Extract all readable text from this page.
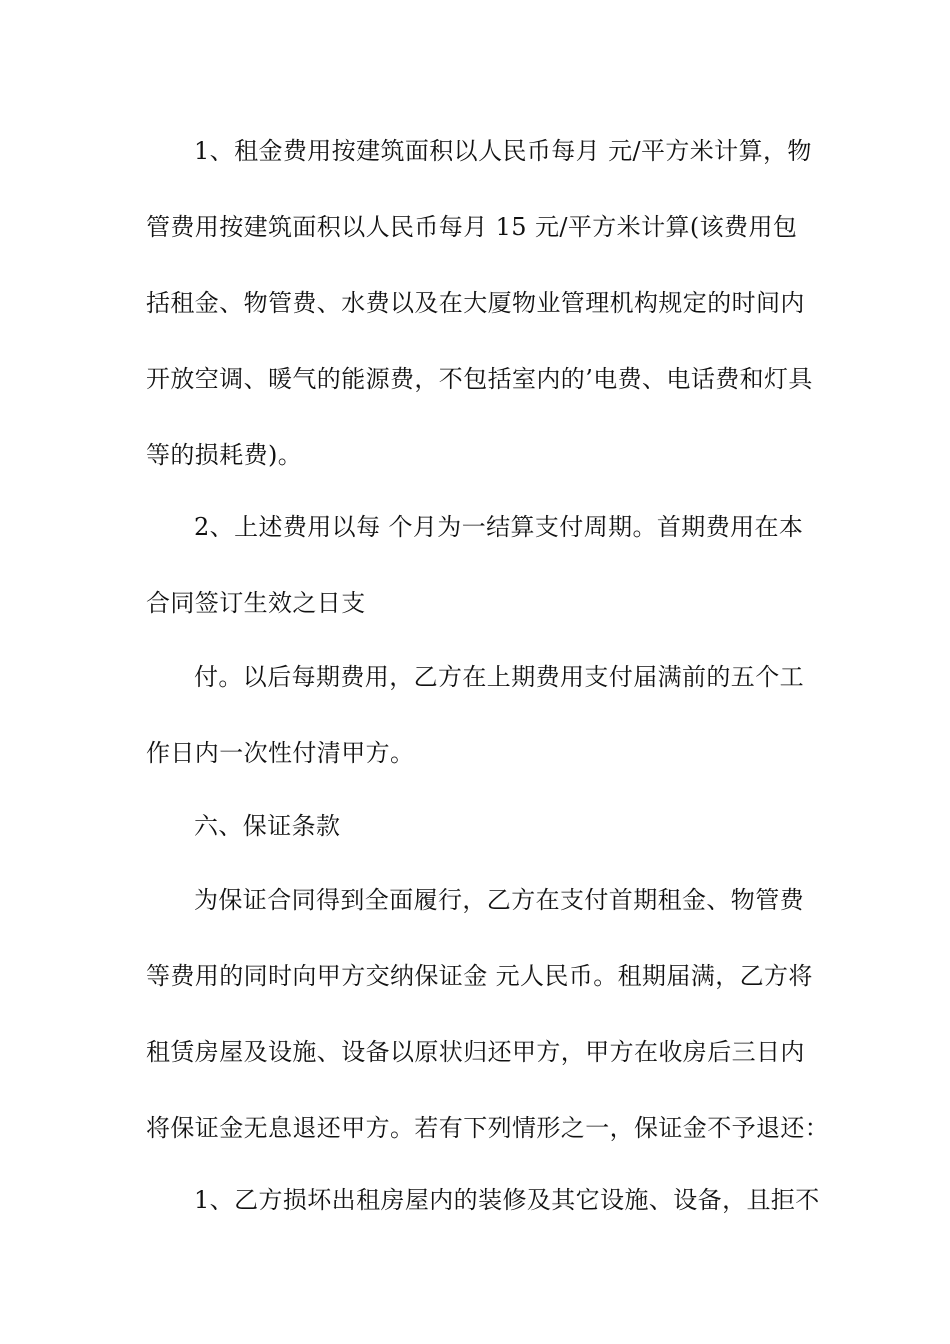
1、租金费用按建筑面积以人民币每月 元/平方米计算，物
管费用按建筑面积以人民币每月 15 元/平方米计算(该费用包
括租金、物管费、水费以及在大厦物业管理机构规定的时间内
开放空调、暖气的能源费，不包括室内的’电费、电话费和灯具
等的损耗费)。
2、上述费用以每 个月为一结算支付周期。首期费用在本
合同签订生效之日支
付。以后每期费用，乙方在上期费用支付届满前的五个工
作日内一次性付清甲方。
六、保证条款
为保证合同得到全面履行，乙方在支付首期租金、物管费
等费用的同时向甲方交纳保证金 元人民币。租期届满，乙方将
租赁房屋及设施、设备以原状归还甲方，甲方在收房后三日内
将保证金无息退还甲方。若有下列情形之一，保证金不予退还：
1、乙方损坏出租房屋内的装修及其它设施、设备，且拒不
